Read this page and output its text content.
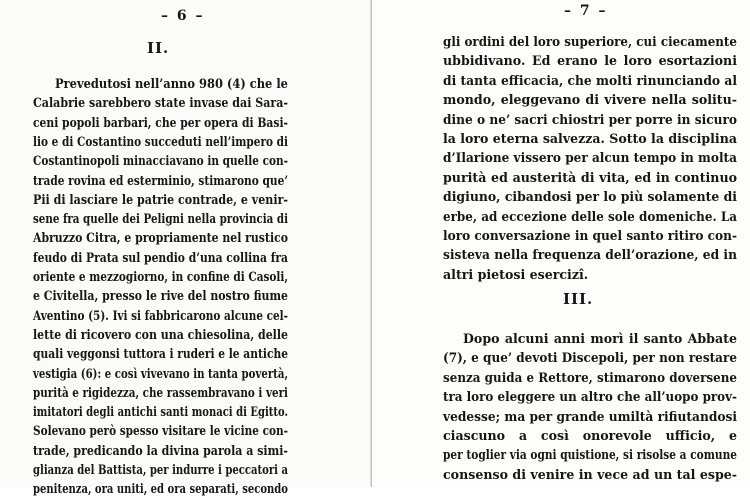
– 6 –
II.
Prevedutosi nell’anno 980 (4) che le
Calabrie sarebbero state invase dai Sara-
ceni popoli barbari, che per opera di Basi-
lio e di Costantino succeduti nell’impero di
Costantinopoli minacciavano in quelle con-
trade rovina ed esterminio, stimarono que’
Pii di lasciare le patrie contrade, e venir-
sene fra quelle dei Peligni nella provincia di
Abruzzo Citra, e propriamente nel rustico
feudo di Prata sul pendio d’una collina fra
oriente e mezzogiorno, in confine di Casoli,
e Civitella, presso le rive del nostro fiume
Aventino (5). Ivi si fabbricarono alcune cel-
lette di ricovero con una chiesolina, delle
quali veggonsi tuttora i ruderi e le antiche
vestigia (6): e così vivevano in tanta povertà,
purità e rigidezza, che rassembravano i veri
imitatori degli antichi santi monaci di Egitto.
Solevano però spesso visitare le vicine con-
trade, predicando la divina parola a simi-
glianza del Battista, per indurre i peccatori a
penitenza, ora uniti, ed ora separati, secondo
– 7 –
gli ordini del loro superiore, cui ciecamente
ubbidivano. Ed erano le loro esortazioni
di tanta efficacia, che molti rinunciando al
mondo, eleggevano di vivere nella solitu-
dine o ne’ sacri chiostri per porre in sicuro
la loro eterna salvezza. Sotto la disciplina
d’Ilarione vissero per alcun tempo in molta
purità ed austerità di vita, ed in continuo
digiuno, cibandosi per lo più solamente di
erbe, ad eccezione delle sole domeniche. La
loro conversazione in quel santo ritiro con-
sisteva nella frequenza dell’orazione, ed in
altri pietosi esercizî.
III.
Dopo alcuni anni morì il santo Abbate
(7), e que’ devoti Discepoli, per non restare
senza guida e Rettore, stimarono doversene
tra loro eleggere un altro che all’uopo prov-
vedesse; ma per grande umiltà rifiutandosi
ciascuno a così onorevole ufficio, e
per toglier via ogni quistione, si risolse a comune
consenso di venire in vece ad un tal espe-
